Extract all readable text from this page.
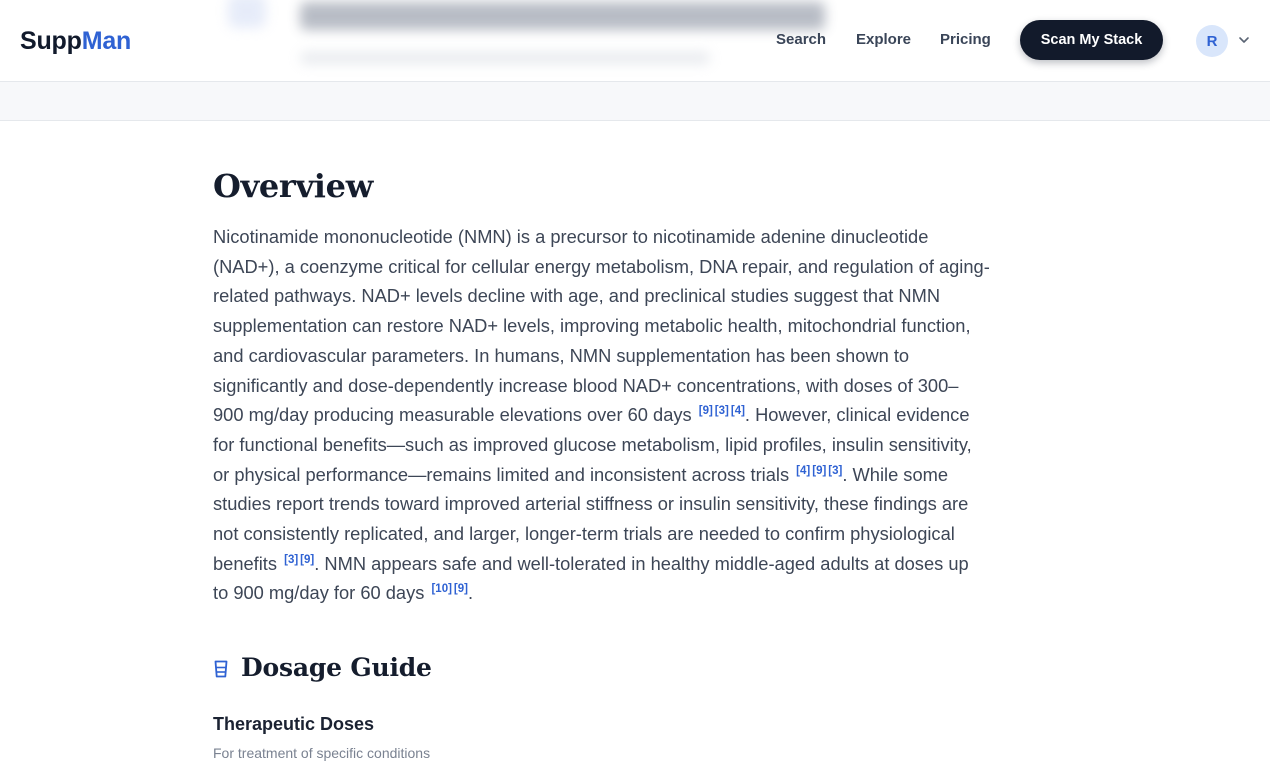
SuppMan	Search Explore Pricing	Scan My Stack	R
Overview
Nicotinamide mononucleotide (NMN) is a precursor to nicotinamide adenine dinucleotide
(NAD+), a coenzyme critical for cellular energy metabolism, DNA repair, and regulation of aging-
related pathways. NAD+ levels decline with age, and preclinical studies suggest that NMN
supplementation can restore NAD+ levels, improving metabolic health, mitochondrial function,
and cardiovascular parameters. In humans, NMN supplementation has been shown to
significantly and dose-dependently increase blood NAD+ concentrations, with doses of 300–
900 mg/day producing measurable elevations over 60 days [9] [3] [4]. However, clinical evidence
for functional benefits—such as improved glucose metabolism, lipid profiles, insulin sensitivity,
or physical performance—remains limited and inconsistent across trials [4] [9] [3]. While some
studies report trends toward improved arterial stiffness or insulin sensitivity, these findings are
not consistently replicated, and larger, longer-term trials are needed to confirm physiological
benefits [3] [9]. NMN appears safe and well-tolerated in healthy middle-aged adults at doses up
to 900 mg/day for 60 days [10] [9].
Dosage Guide
Therapeutic Doses

For treatment of specific conditions
